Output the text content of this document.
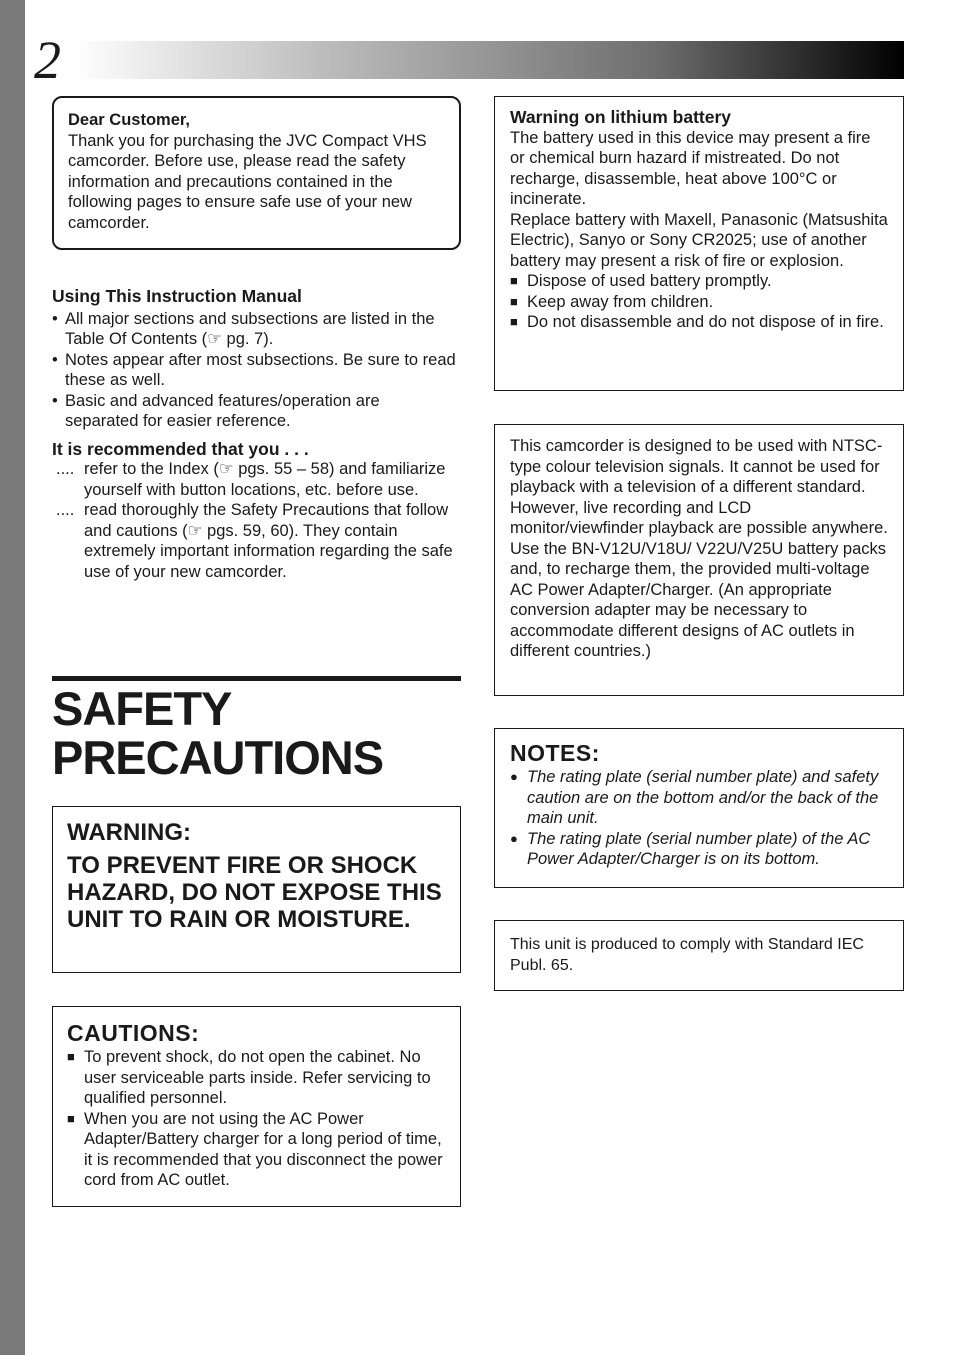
2

Dear Customer,

Thank you for purchasing the JVC Compact VHS camcorder. Before use, please read the safety information and precautions contained in the following pages to ensure safe use of your new camcorder.

Using This Instruction Manual

• All major sections and subsections are listed in the Table Of Contents (☞ pg. 7).
• Notes appear after most subsections. Be sure to read these as well.
• Basic and advanced features/operation are separated for easier reference.

It is recommended that you . . .

.... refer to the Index (☞ pgs. 55 – 58) and familiarize yourself with button locations, etc. before use.
.... read thoroughly the Safety Precautions that follow and cautions (☞ pgs. 59, 60). They contain extremely important information regarding the safe use of your new camcorder.
SAFETY
PRECAUTIONS

WARNING:

TO PREVENT FIRE OR SHOCK HAZARD, DO NOT EXPOSE THIS UNIT TO RAIN OR MOISTURE.

CAUTIONS:

■ To prevent shock, do not open the cabinet. No user serviceable parts inside. Refer servicing to qualified personnel.
■ When you are not using the AC Power Adapter/Battery charger for a long period of time, it is recommended that you disconnect the power cord from AC outlet.

Warning on lithium battery

The battery used in this device may present a fire or chemical burn hazard if mistreated. Do not recharge, disassemble, heat above 100°C or incinerate.

Replace battery with Maxell, Panasonic (Matsushita Electric), Sanyo or Sony CR2025; use of another battery may present a risk of fire or explosion.

■ Dispose of used battery promptly.
■ Keep away from children.
■ Do not disassemble and do not dispose of in fire.

This camcorder is designed to be used with NTSC-type colour television signals. It cannot be used for playback with a television of a different standard. However, live recording and LCD monitor/viewfinder playback are possible anywhere. Use the BN-V12U/V18U/ V22U/V25U battery packs and, to recharge them, the provided multi-voltage AC Power Adapter/Charger. (An appropriate conversion adapter may be necessary to accommodate different designs of AC outlets in different countries.)

NOTES:

● The rating plate (serial number plate) and safety caution are on the bottom and/or the back of the main unit.
● The rating plate (serial number plate) of the AC Power Adapter/Charger is on its bottom.

This unit is produced to comply with Standard IEC Publ. 65.
